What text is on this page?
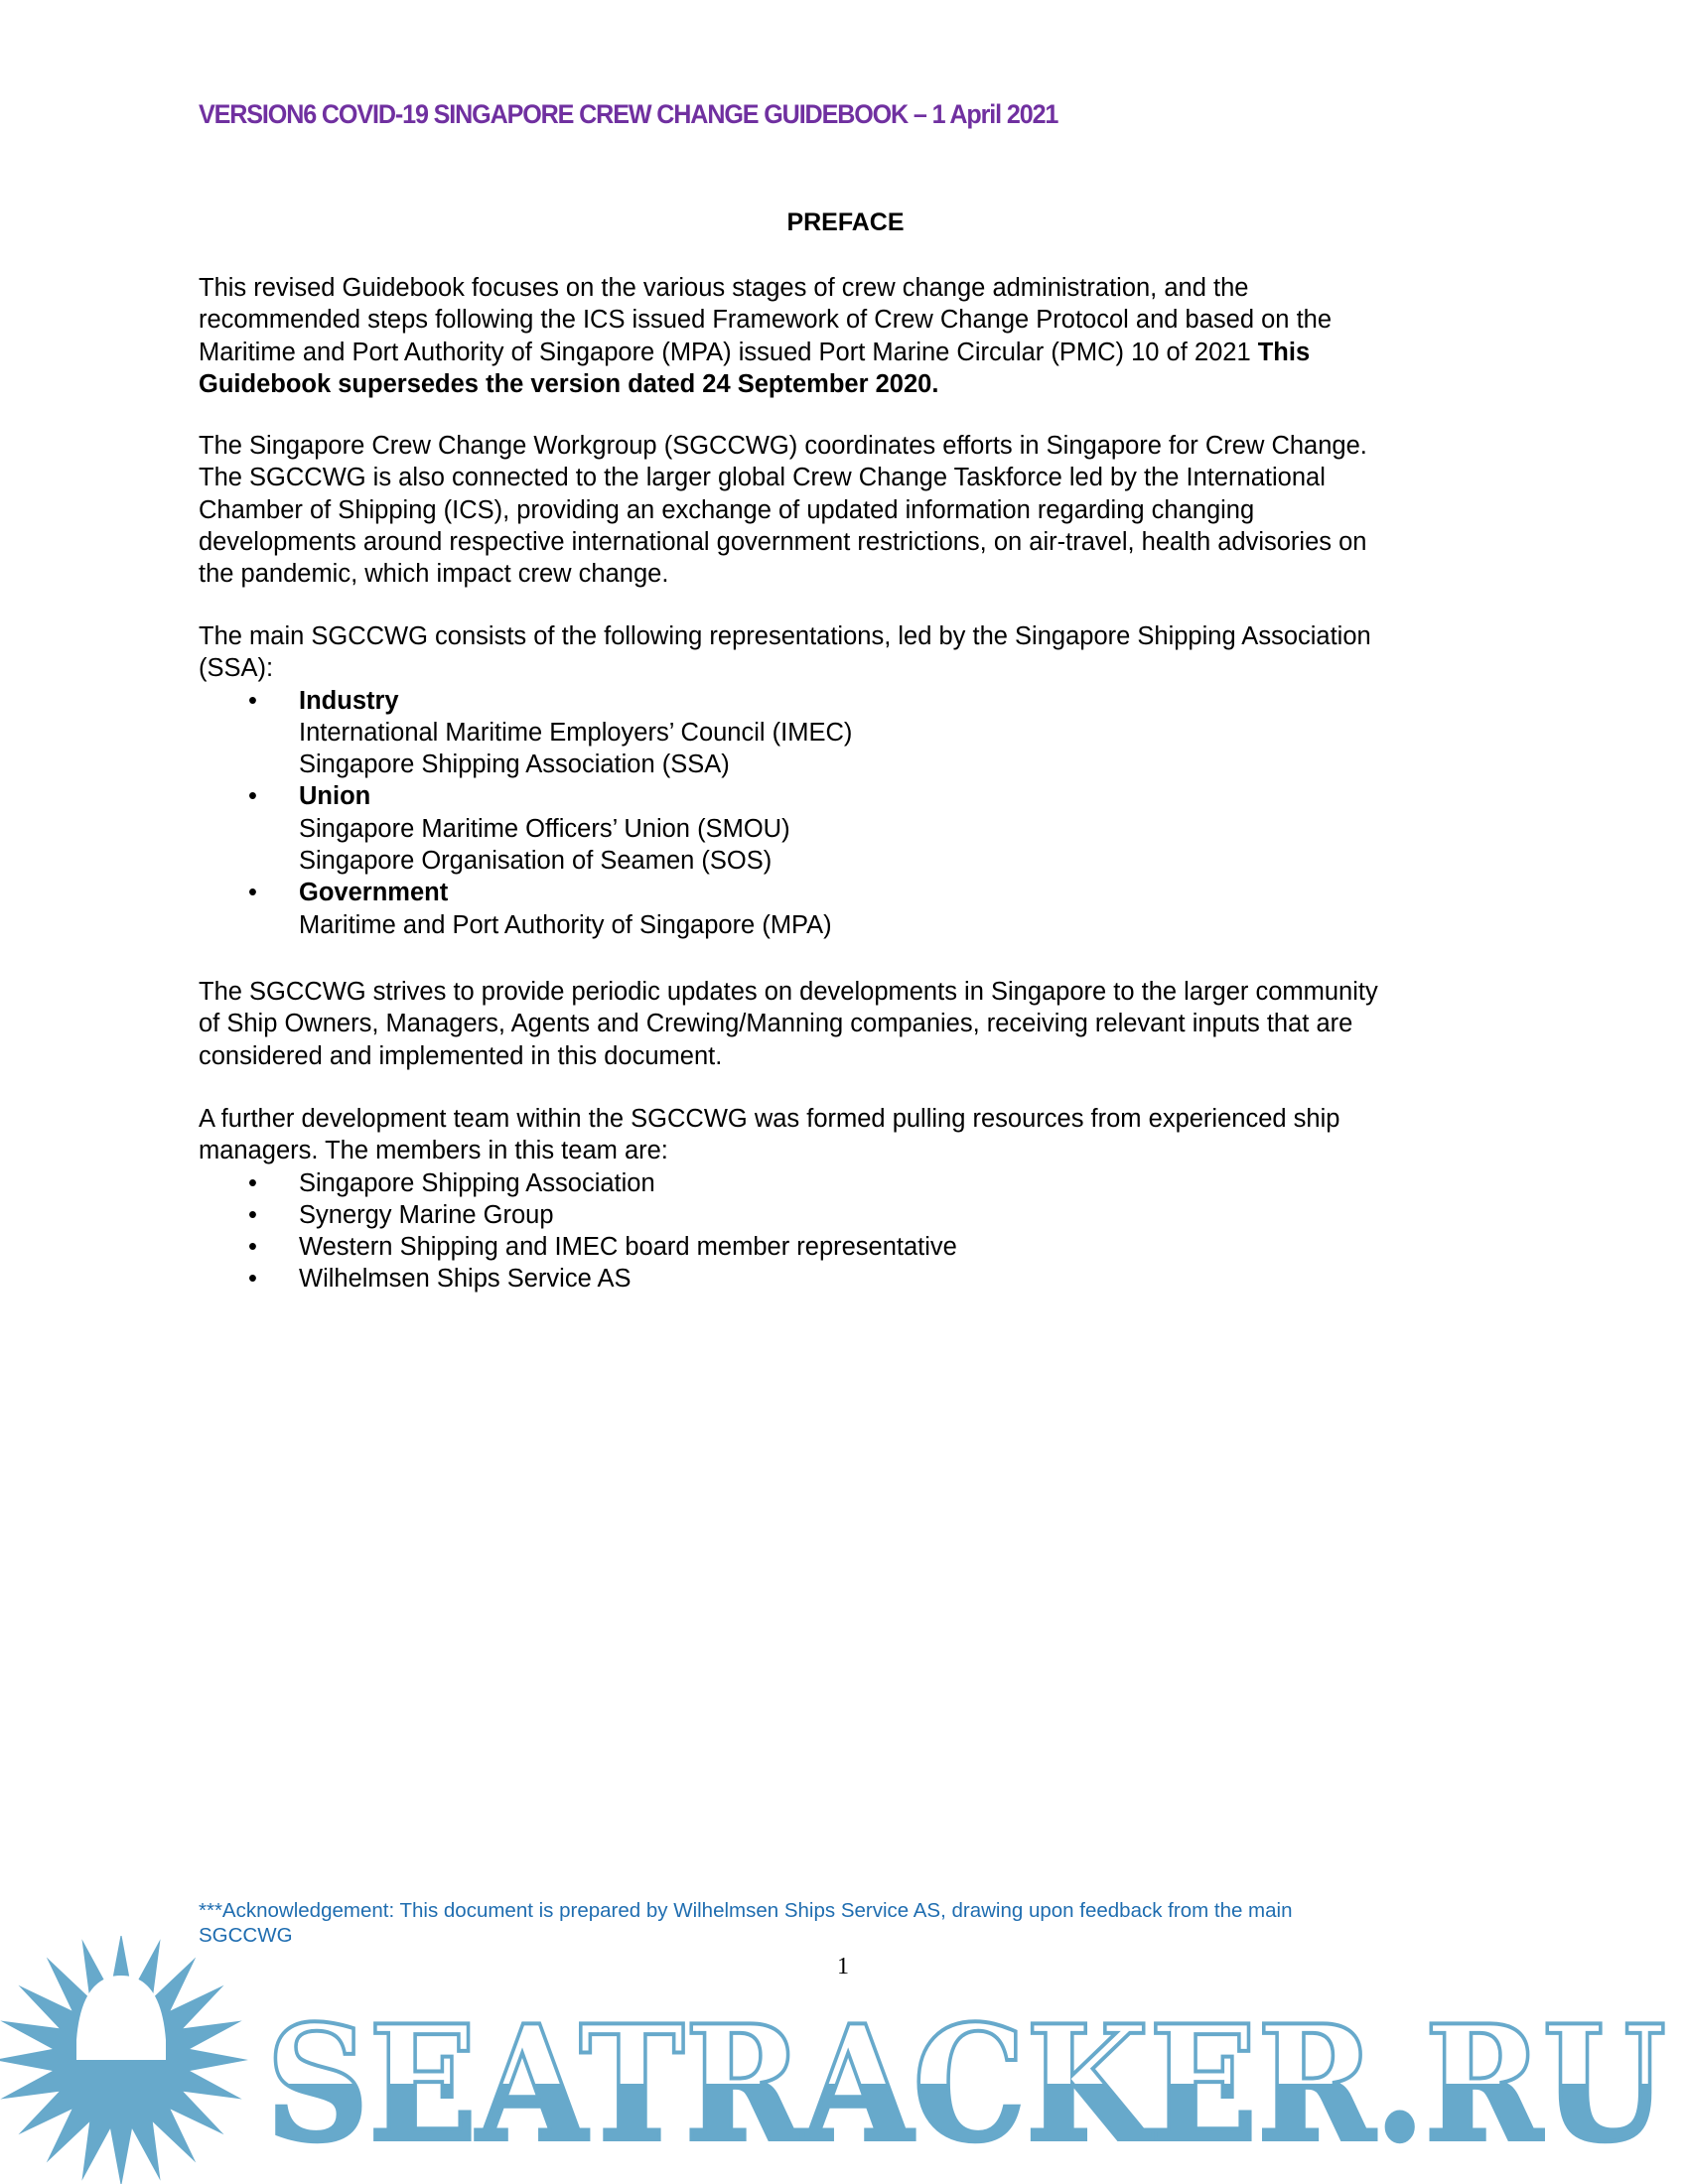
VERSION6 COVID-19 SINGAPORE CREW CHANGE GUIDEBOOK – 1 April 2021
PREFACE
This revised Guidebook focuses on the various stages of crew change administration, and the
recommended steps following the ICS issued Framework of Crew Change Protocol and based on the
Maritime and Port Authority of Singapore (MPA) issued Port Marine Circular (PMC) 10 of 2021 This
Guidebook supersedes the version dated 24 September 2020.
The Singapore Crew Change Workgroup (SGCCWG) coordinates efforts in Singapore for Crew Change.
The SGCCWG is also connected to the larger global Crew Change Taskforce led by the International
Chamber of Shipping (ICS), providing an exchange of updated information regarding changing
developments around respective international government restrictions, on air-travel, health advisories on
the pandemic, which impact crew change.
The main SGCCWG consists of the following representations, led by the Singapore Shipping Association
(SSA):
• Industry
International Maritime Employers’ Council (IMEC)
Singapore Shipping Association (SSA)
• Union
Singapore Maritime Officers’ Union (SMOU)
Singapore Organisation of Seamen (SOS)
• Government
Maritime and Port Authority of Singapore (MPA)
The SGCCWG strives to provide periodic updates on developments in Singapore to the larger community
of Ship Owners, Managers, Agents and Crewing/Manning companies, receiving relevant inputs that are
considered and implemented in this document.
A further development team within the SGCCWG was formed pulling resources from experienced ship
managers. The members in this team are:
• Singapore Shipping Association
• Synergy Marine Group
• Western Shipping and IMEC board member representative
• Wilhelmsen Ships Service AS
***Acknowledgement: This document is prepared by Wilhelmsen Ships Service AS, drawing upon feedback from the main
SGCCWG
1
SEATRACKER.RU
